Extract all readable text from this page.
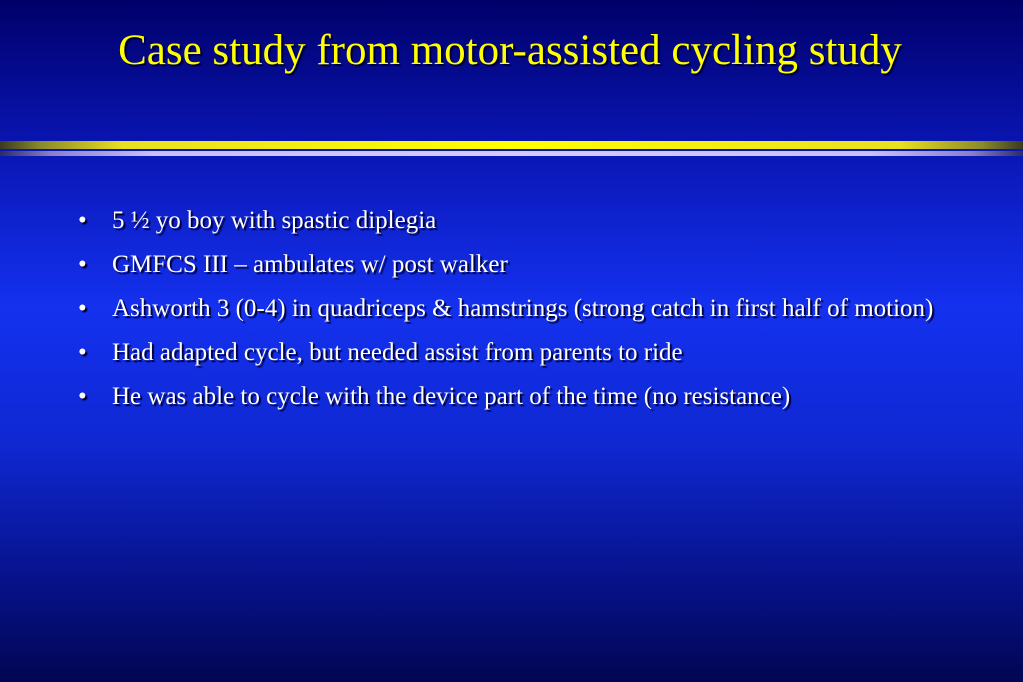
Case study from motor-assisted cycling study
•	5 ½ yo boy with spastic diplegia
•	GMFCS III – ambulates w/ post walker
•	Ashworth 3 (0-4) in quadriceps & hamstrings (strong catch in first half of motion)
•	Had adapted cycle, but needed assist from parents to ride
•	He was able to cycle with the device part of the time (no resistance)
